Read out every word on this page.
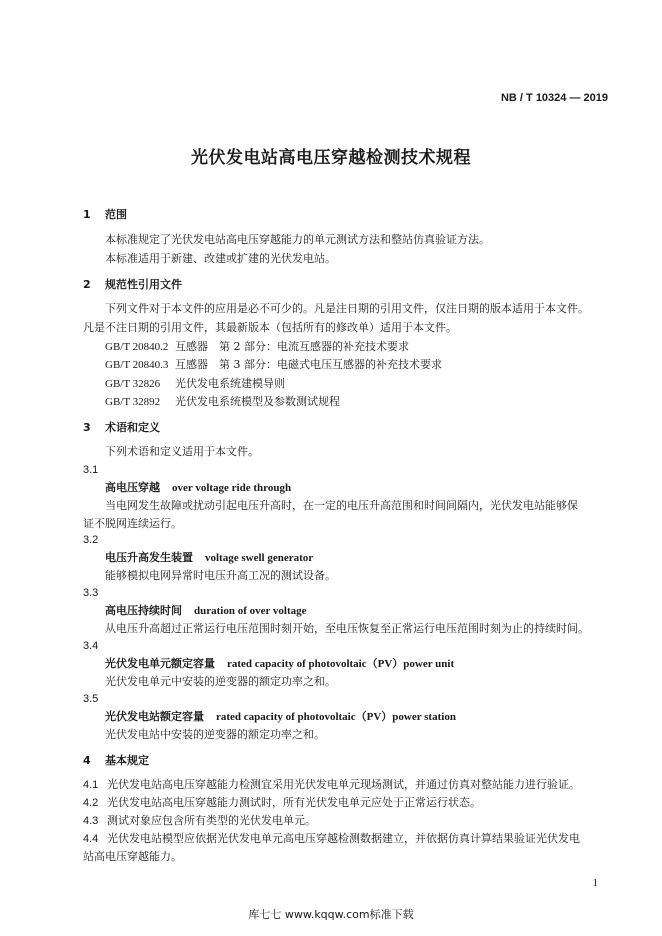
NB / T 10324 — 2019
光伏发电站高电压穿越检测技术规程
1 范围
本标准规定了光伏发电站高电压穿越能力的单元测试方法和整站仿真验证方法。
本标准适用于新建、改建或扩建的光伏发电站。
2 规范性引用文件
下列文件对于本文件的应用是必不可少的。凡是注日期的引用文件，仅注日期的版本适用于本文件。
凡是不注日期的引用文件，其最新版本（包括所有的修改单）适用于本文件。
GB/T 20840.2 互感器　第 2 部分：电流互感器的补充技术要求
GB/T 20840.3 互感器　第 3 部分：电磁式电压互感器的补充技术要求
GB/T 32826 光伏发电系统建模导则
GB/T 32892 光伏发电系统模型及参数测试规程
3 术语和定义
下列术语和定义适用于本文件。
3.1
高电压穿越 over voltage ride through
当电网发生故障或扰动引起电压升高时，在一定的电压升高范围和时间间隔内，光伏发电站能够保
证不脱网连续运行。
3.2
电压升高发生装置 voltage swell generator
能够模拟电网异常时电压升高工况的测试设备。
3.3
高电压持续时间 duration of over voltage
从电压升高超过正常运行电压范围时刻开始，至电压恢复至正常运行电压范围时刻为止的持续时间。
3.4
光伏发电单元额定容量 rated capacity of photovoltaic（PV）power unit
光伏发电单元中安装的逆变器的额定功率之和。
3.5
光伏发电站额定容量 rated capacity of photovoltaic（PV）power station
光伏发电站中安装的逆变器的额定功率之和。
4 基本规定
4.1 光伏发电站高电压穿越能力检测宜采用光伏发电单元现场测试，并通过仿真对整站能力进行验证。
4.2 光伏发电站高电压穿越能力测试时，所有光伏发电单元应处于正常运行状态。
4.3 测试对象应包含所有类型的光伏发电单元。
4.4 光伏发电站模型应依据光伏发电单元高电压穿越检测数据建立，并依据仿真计算结果验证光伏发电
站高电压穿越能力。
1
库七七 www.kqqw.com标准下载
